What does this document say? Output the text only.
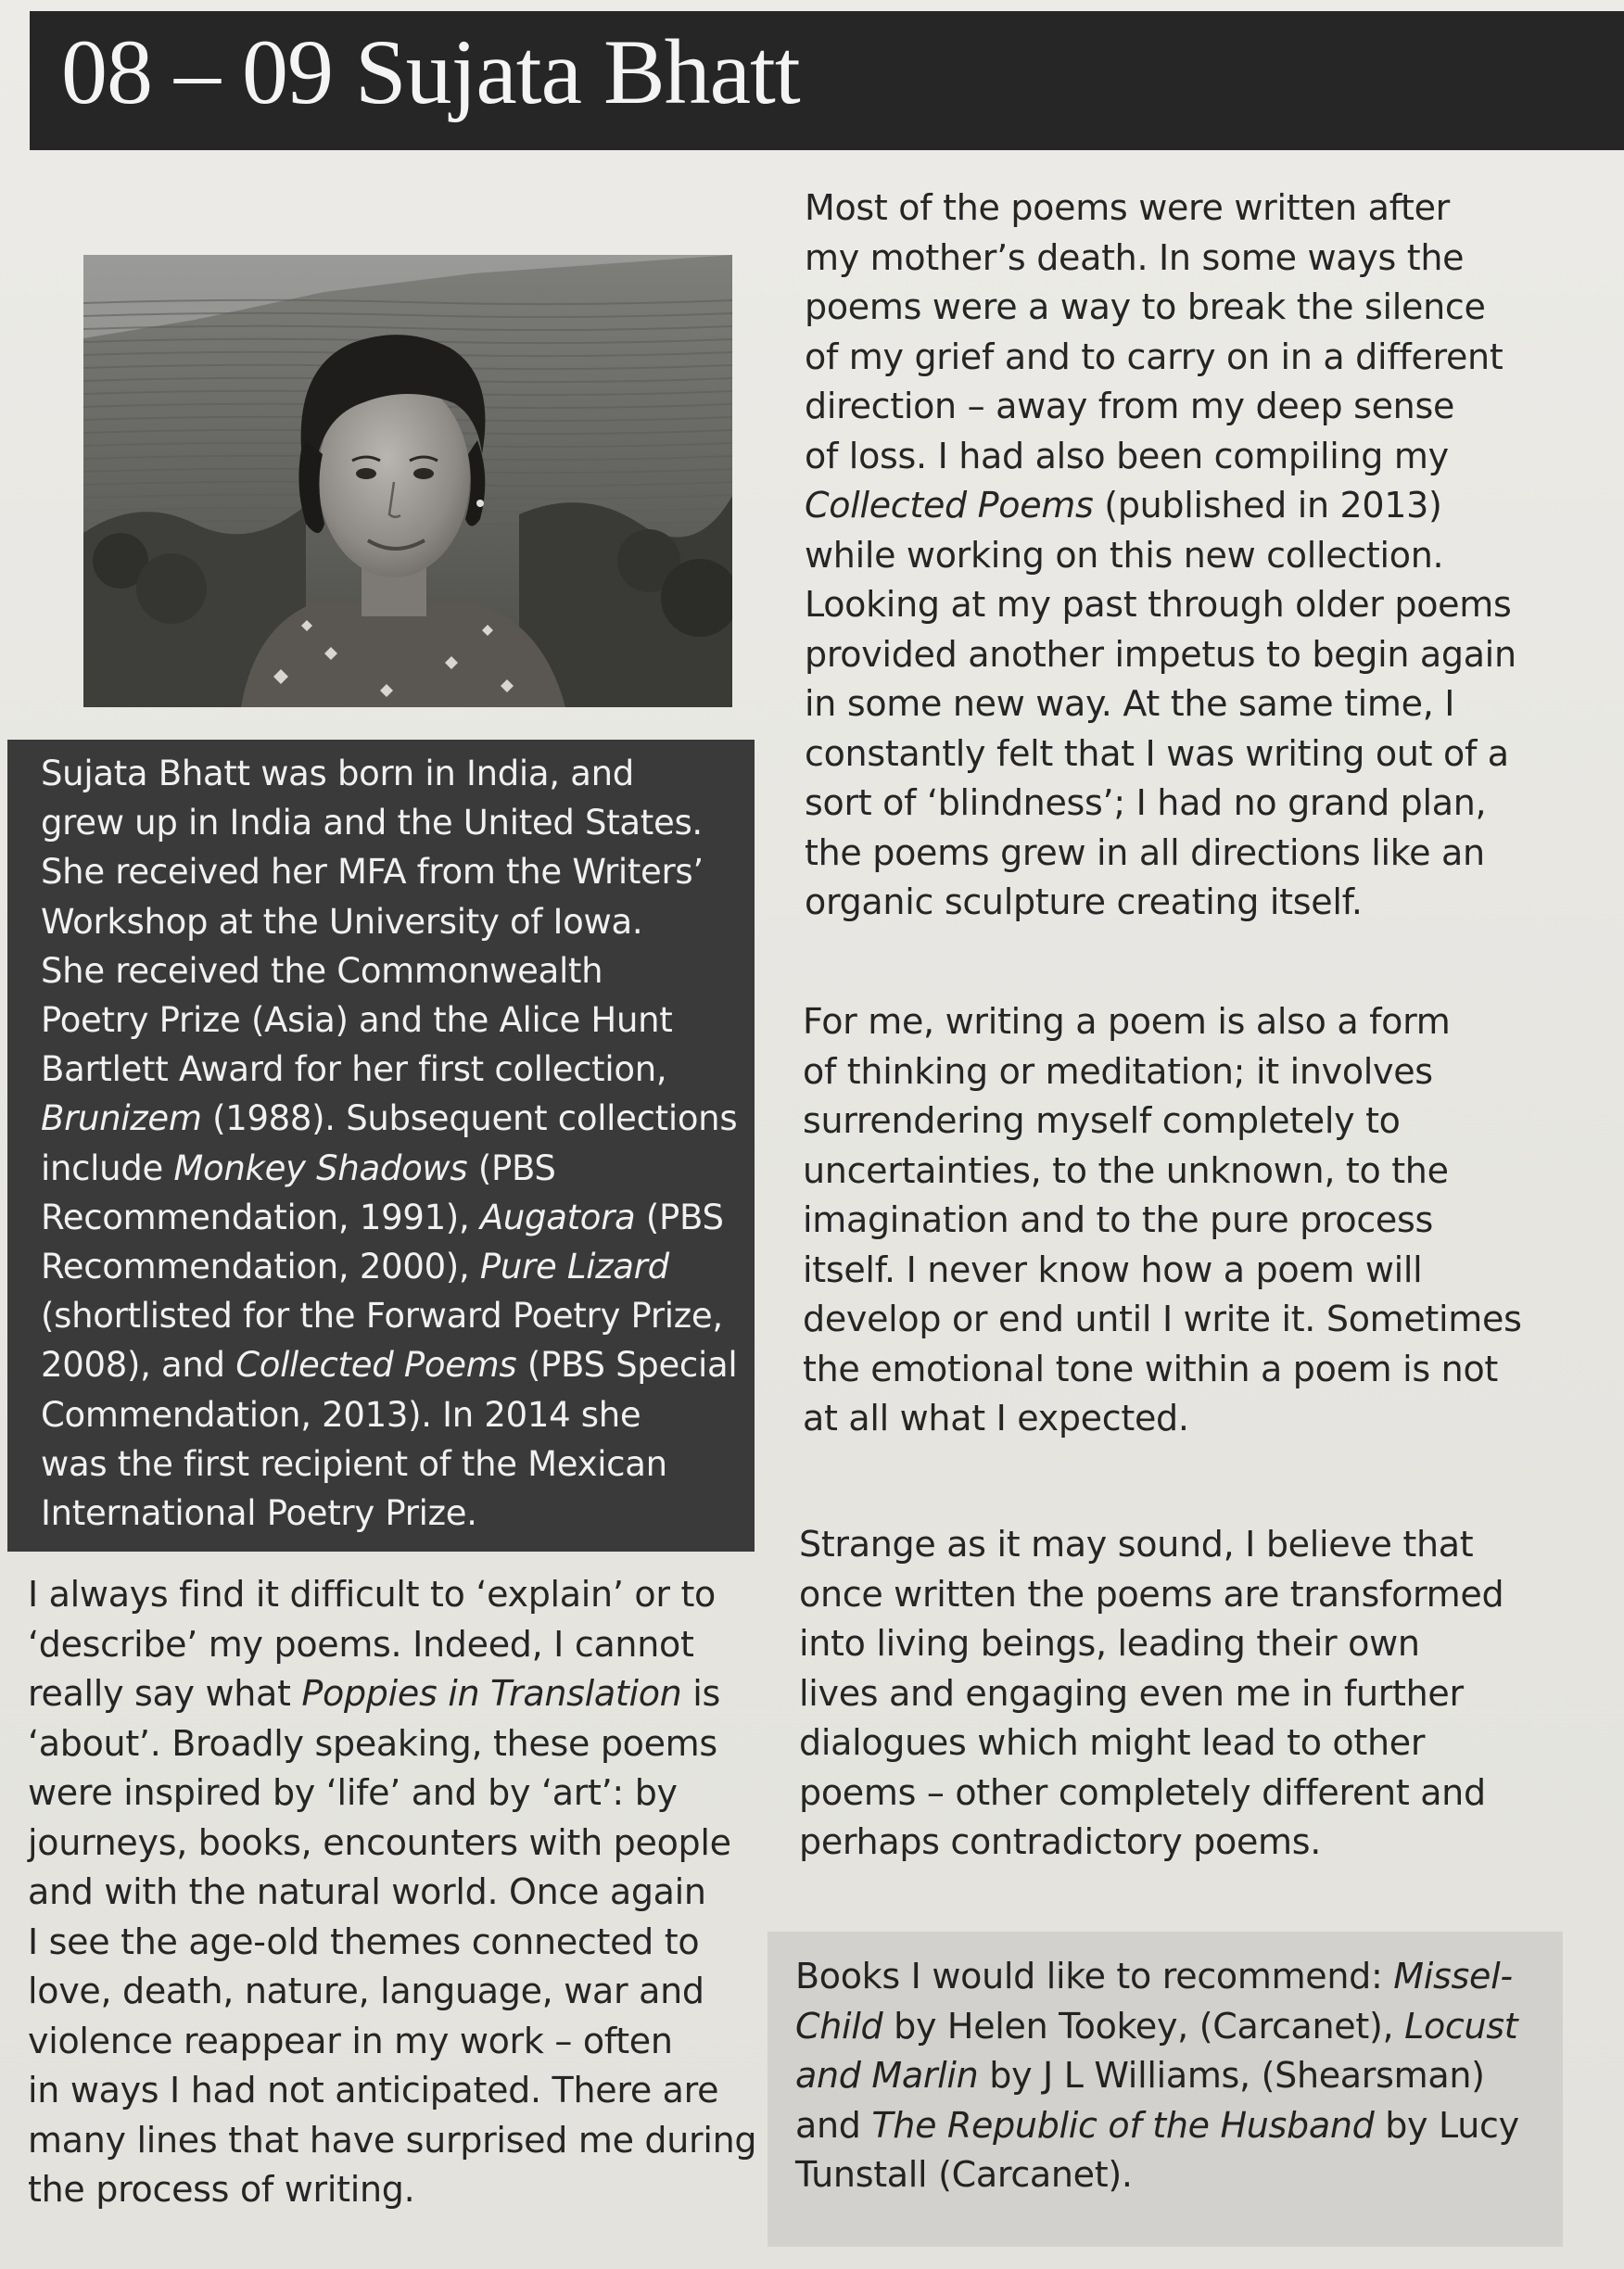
08 – 09 Sujata Bhatt

Sujata Bhatt was born in India, and
grew up in India and the United States.
She received her MFA from the Writers’
Workshop at the University of Iowa.
She received the Commonwealth
Poetry Prize (Asia) and the Alice Hunt
Bartlett Award for her first collection,
Brunizem (1988). Subsequent collections
include Monkey Shadows (PBS
Recommendation, 1991), Augatora (PBS
Recommendation, 2000), Pure Lizard
(shortlisted for the Forward Poetry Prize,
2008), and Collected Poems (PBS Special
Commendation, 2013). In 2014 she
was the first recipient of the Mexican
International Poetry Prize.

I always find it difficult to ‘explain’ or to
‘describe’ my poems. Indeed, I cannot
really say what Poppies in Translation is
‘about’. Broadly speaking, these poems
were inspired by ‘life’ and by ‘art’: by
journeys, books, encounters with people
and with the natural world. Once again
I see the age-old themes connected to
love, death, nature, language, war and
violence reappear in my work – often
in ways I had not anticipated. There are
many lines that have surprised me during
the process of writing.

Most of the poems were written after
my mother’s death. In some ways the
poems were a way to break the silence
of my grief and to carry on in a different
direction – away from my deep sense
of loss. I had also been compiling my
Collected Poems (published in 2013)
while working on this new collection.
Looking at my past through older poems
provided another impetus to begin again
in some new way. At the same time, I
constantly felt that I was writing out of a
sort of ‘blindness’; I had no grand plan,
the poems grew in all directions like an
organic sculpture creating itself.

For me, writing a poem is also a form
of thinking or meditation; it involves
surrendering myself completely to
uncertainties, to the unknown, to the
imagination and to the pure process
itself. I never know how a poem will
develop or end until I write it. Sometimes
the emotional tone within a poem is not
at all what I expected.

Strange as it may sound, I believe that
once written the poems are transformed
into living beings, leading their own
lives and engaging even me in further
dialogues which might lead to other
poems – other completely different and
perhaps contradictory poems.

Books I would like to recommend: Missel-
Child by Helen Tookey, (Carcanet), Locust
and Marlin by J L Williams, (Shearsman)
and The Republic of the Husband by Lucy
Tunstall (Carcanet).
